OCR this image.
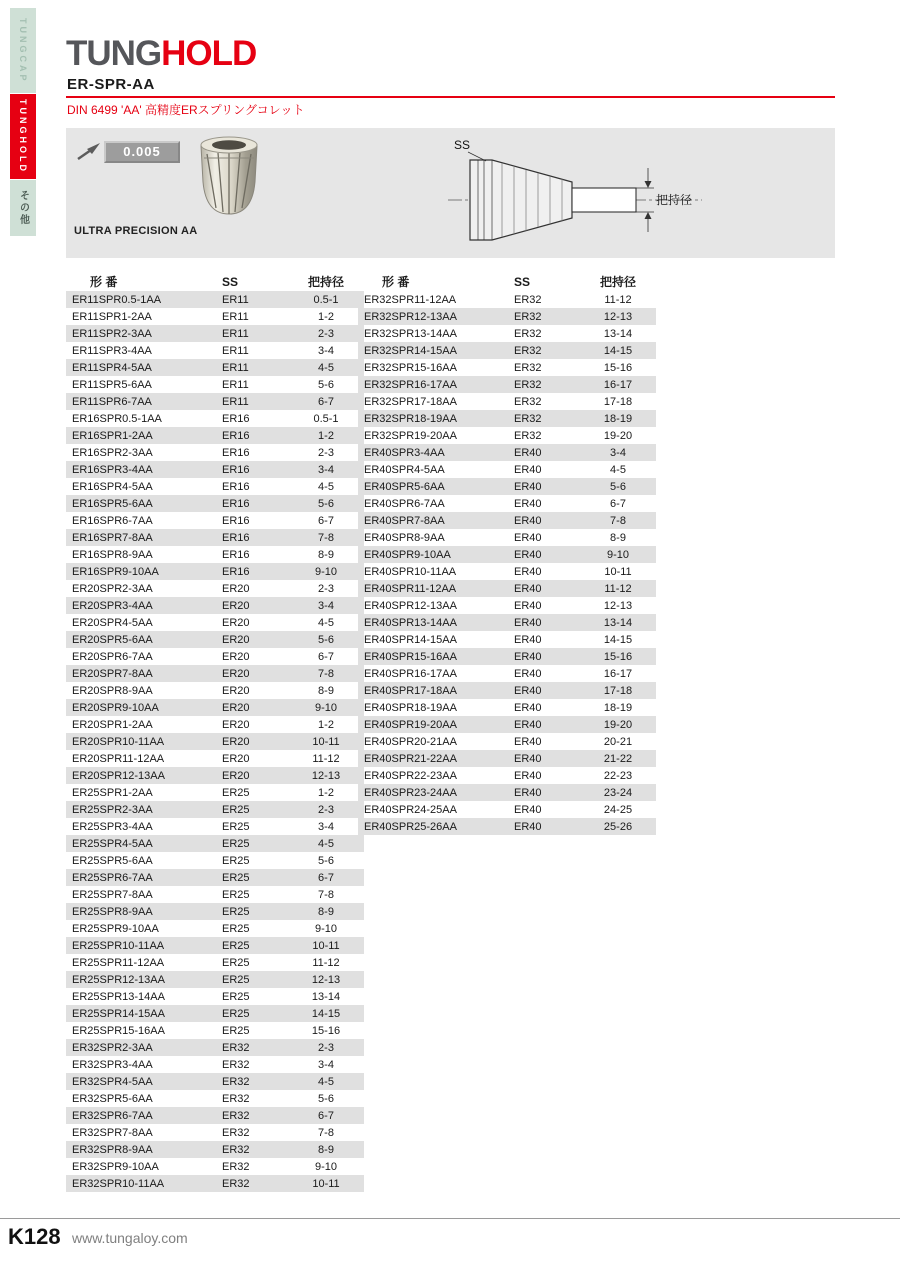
TUNGCAP
TUNGHOLD
その他
TUNGHOLD
ER-SPR-AA
DIN 6499 'AA' 高精度ERスプリングコレット
0.005
ULTRA PRECISION AA
SS
把持径
形 番	SS	把持径
ER11SPR0.5-1AA	ER11	0.5-1
ER11SPR1-2AA	ER11	1-2
ER11SPR2-3AA	ER11	2-3
ER11SPR3-4AA	ER11	3-4
ER11SPR4-5AA	ER11	4-5
ER11SPR5-6AA	ER11	5-6
ER11SPR6-7AA	ER11	6-7
ER16SPR0.5-1AA	ER16	0.5-1
ER16SPR1-2AA	ER16	1-2
ER16SPR2-3AA	ER16	2-3
ER16SPR3-4AA	ER16	3-4
ER16SPR4-5AA	ER16	4-5
ER16SPR5-6AA	ER16	5-6
ER16SPR6-7AA	ER16	6-7
ER16SPR7-8AA	ER16	7-8
ER16SPR8-9AA	ER16	8-9
ER16SPR9-10AA	ER16	9-10
ER20SPR2-3AA	ER20	2-3
ER20SPR3-4AA	ER20	3-4
ER20SPR4-5AA	ER20	4-5
ER20SPR5-6AA	ER20	5-6
ER20SPR6-7AA	ER20	6-7
ER20SPR7-8AA	ER20	7-8
ER20SPR8-9AA	ER20	8-9
ER20SPR9-10AA	ER20	9-10
ER20SPR1-2AA	ER20	1-2
ER20SPR10-11AA	ER20	10-11
ER20SPR11-12AA	ER20	11-12
ER20SPR12-13AA	ER20	12-13
ER25SPR1-2AA	ER25	1-2
ER25SPR2-3AA	ER25	2-3
ER25SPR3-4AA	ER25	3-4
ER25SPR4-5AA	ER25	4-5
ER25SPR5-6AA	ER25	5-6
ER25SPR6-7AA	ER25	6-7
ER25SPR7-8AA	ER25	7-8
ER25SPR8-9AA	ER25	8-9
ER25SPR9-10AA	ER25	9-10
ER25SPR10-11AA	ER25	10-11
ER25SPR11-12AA	ER25	11-12
ER25SPR12-13AA	ER25	12-13
ER25SPR13-14AA	ER25	13-14
ER25SPR14-15AA	ER25	14-15
ER25SPR15-16AA	ER25	15-16
ER32SPR2-3AA	ER32	2-3
ER32SPR3-4AA	ER32	3-4
ER32SPR4-5AA	ER32	4-5
ER32SPR5-6AA	ER32	5-6
ER32SPR6-7AA	ER32	6-7
ER32SPR7-8AA	ER32	7-8
ER32SPR8-9AA	ER32	8-9
ER32SPR9-10AA	ER32	9-10
ER32SPR10-11AA	ER32	10-11
形 番	SS	把持径
ER32SPR11-12AA	ER32	11-12
ER32SPR12-13AA	ER32	12-13
ER32SPR13-14AA	ER32	13-14
ER32SPR14-15AA	ER32	14-15
ER32SPR15-16AA	ER32	15-16
ER32SPR16-17AA	ER32	16-17
ER32SPR17-18AA	ER32	17-18
ER32SPR18-19AA	ER32	18-19
ER32SPR19-20AA	ER32	19-20
ER40SPR3-4AA	ER40	3-4
ER40SPR4-5AA	ER40	4-5
ER40SPR5-6AA	ER40	5-6
ER40SPR6-7AA	ER40	6-7
ER40SPR7-8AA	ER40	7-8
ER40SPR8-9AA	ER40	8-9
ER40SPR9-10AA	ER40	9-10
ER40SPR10-11AA	ER40	10-11
ER40SPR11-12AA	ER40	11-12
ER40SPR12-13AA	ER40	12-13
ER40SPR13-14AA	ER40	13-14
ER40SPR14-15AA	ER40	14-15
ER40SPR15-16AA	ER40	15-16
ER40SPR16-17AA	ER40	16-17
ER40SPR17-18AA	ER40	17-18
ER40SPR18-19AA	ER40	18-19
ER40SPR19-20AA	ER40	19-20
ER40SPR20-21AA	ER40	20-21
ER40SPR21-22AA	ER40	21-22
ER40SPR22-23AA	ER40	22-23
ER40SPR23-24AA	ER40	23-24
ER40SPR24-25AA	ER40	24-25
ER40SPR25-26AA	ER40	25-26
K128 www.tungaloy.com
